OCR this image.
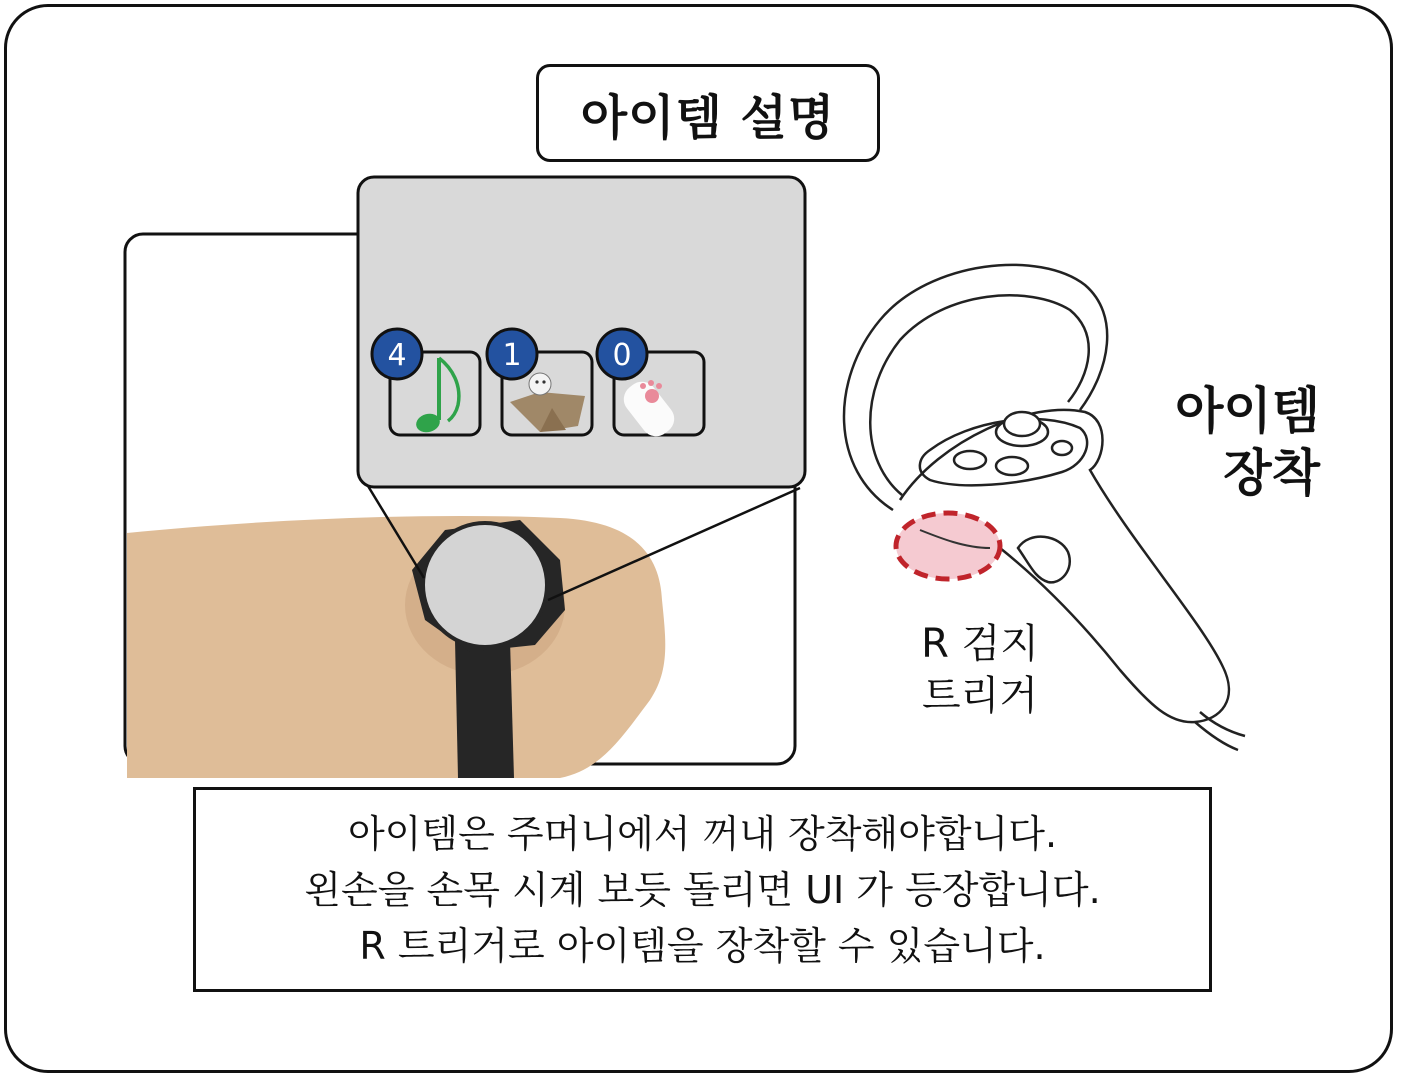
4	1	0
아이템 설명
아이템
장착
R 검지
트리거
아이템은 주머니에서 꺼내 장착해야합니다.
왼손을 손목 시계 보듯 돌리면 UI 가 등장합니다.
R 트리거로 아이템을 장착할 수 있습니다.
